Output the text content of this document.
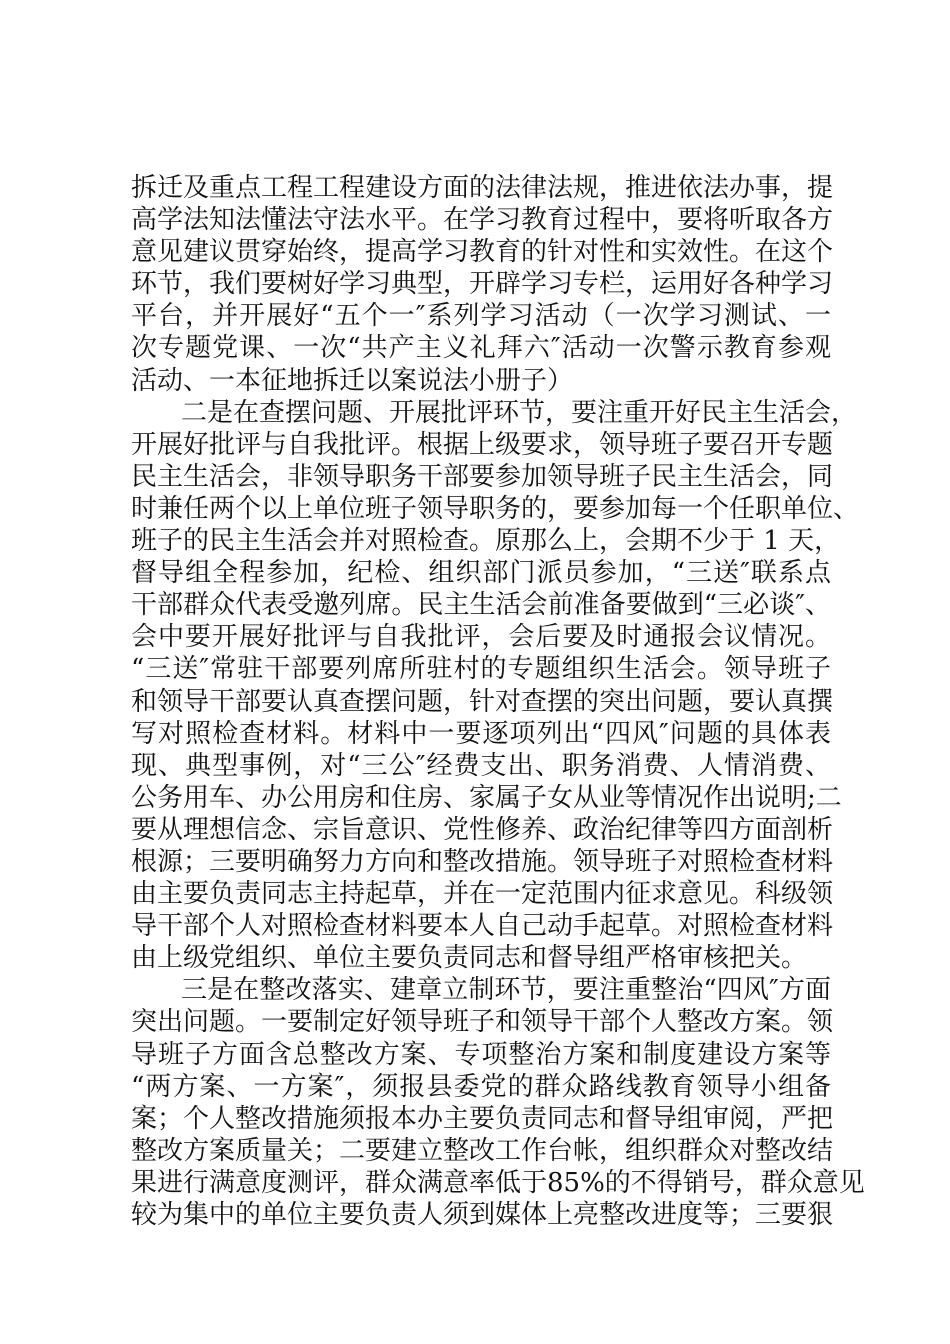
拆迁及重点工程工程建设方面的法律法规，推进依法办事，提
高学法知法懂法守法水平。在学习教育过程中，要将听取各方
意见建议贯穿始终，提高学习教育的针对性和实效性。在这个
环节，我们要树好学习典型，开辟学习专栏，运用好各种学习
平台，并开展好“五个一″系列学习活动（一次学习测试、一
次专题党课、一次“共产主义礼拜六″活动一次警示教育参观
活动、一本征地拆迁以案说法小册子）
二是在查摆问题、开展批评环节，要注重开好民主生活会，
开展好批评与自我批评。根据上级要求，领导班子要召开专题
民主生活会，非领导职务干部要参加领导班子民主生活会，同
时兼任两个以上单位班子领导职务的，要参加每一个任职单位、
班子的民主生活会并对照检查。原那么上，会期不少于 1 天，
督导组全程参加，纪检、组织部门派员参加，“三送″联系点
干部群众代表受邀列席。民主生活会前准备要做到“三必谈″、
会中要开展好批评与自我批评，会后要及时通报会议情况。
“三送″常驻干部要列席所驻村的专题组织生活会。领导班子
和领导干部要认真查摆问题，针对查摆的突出问题，要认真撰
写对照检查材料。材料中一要逐项列出“四风″问题的具体表
现、典型事例，对“三公″经费支出、职务消费、人情消费、
公务用车、办公用房和住房、家属子女从业等情况作出说明;二
要从理想信念、宗旨意识、党性修养、政治纪律等四方面剖析
根源；三要明确努力方向和整改措施。领导班子对照检查材料
由主要负责同志主持起草，并在一定范围内征求意见。科级领
导干部个人对照检查材料要本人自己动手起草。对照检查材料
由上级党组织、单位主要负责同志和督导组严格审核把关。
三是在整改落实、建章立制环节，要注重整治“四风″方面
突出问题。一要制定好领导班子和领导干部个人整改方案。领
导班子方面含总整改方案、专项整治方案和制度建设方案等
“两方案、一方案″，须报县委党的群众路线教育领导小组备
案；个人整改措施须报本办主要负责同志和督导组审阅，严把
整改方案质量关；二要建立整改工作台帐，组织群众对整改结
果进行满意度测评，群众满意率低于85%的不得销号，群众意见
较为集中的单位主要负责人须到媒体上亮整改进度等；三要狠
